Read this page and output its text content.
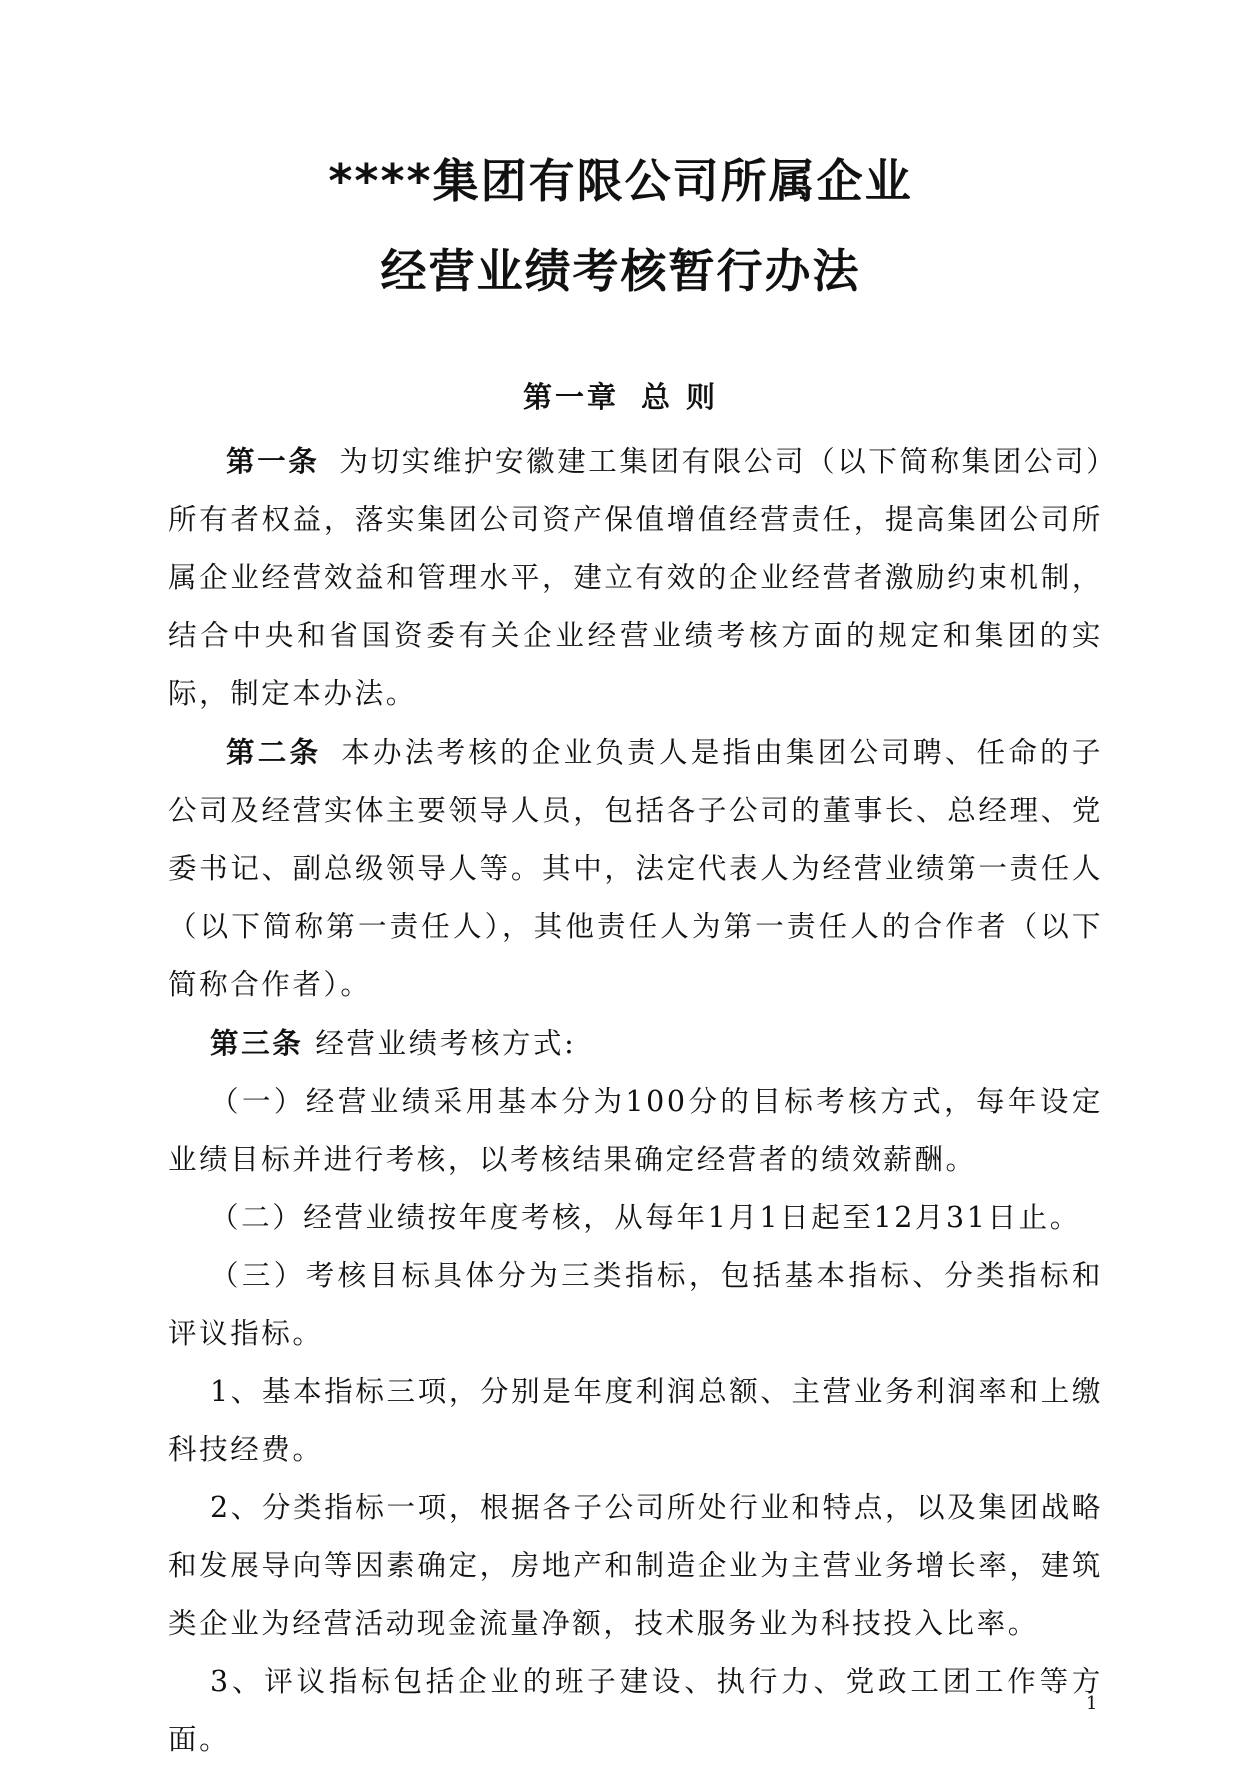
****集团有限公司所属企业
经营业绩考核暂行办法
第一章 总 则

第一条 为切实维护安徽建工集团有限公司（以下简称集团公司）所有者权益，落实集团公司资产保值增值经营责任，提高集团公司所属企业经营效益和管理水平，建立有效的企业经营者激励约束机制，结合中央和省国资委有关企业经营业绩考核方面的规定和集团的实际，制定本办法。

第二条 本办法考核的企业负责人是指由集团公司聘、任命的子公司及经营实体主要领导人员，包括各子公司的董事长、总经理、党委书记、副总级领导人等。其中，法定代表人为经营业绩第一责任人（以下简称第一责任人），其他责任人为第一责任人的合作者（以下简称合作者）。

第三条 经营业绩考核方式:

（一）经营业绩采用基本分为100分的目标考核方式，每年设定业绩目标并进行考核，以考核结果确定经营者的绩效薪酬。

（二）经营业绩按年度考核，从每年1月1日起至12月31日止。

（三）考核目标具体分为三类指标，包括基本指标、分类指标和评议指标。

1、基本指标三项，分别是年度利润总额、主营业务利润率和上缴科技经费。

2、分类指标一项，根据各子公司所处行业和特点，以及集团战略和发展导向等因素确定，房地产和制造企业为主营业务增长率，建筑类企业为经营活动现金流量净额，技术服务业为科技投入比率。

3、评议指标包括企业的班子建设、执行力、党政工团工作等方面。

1
